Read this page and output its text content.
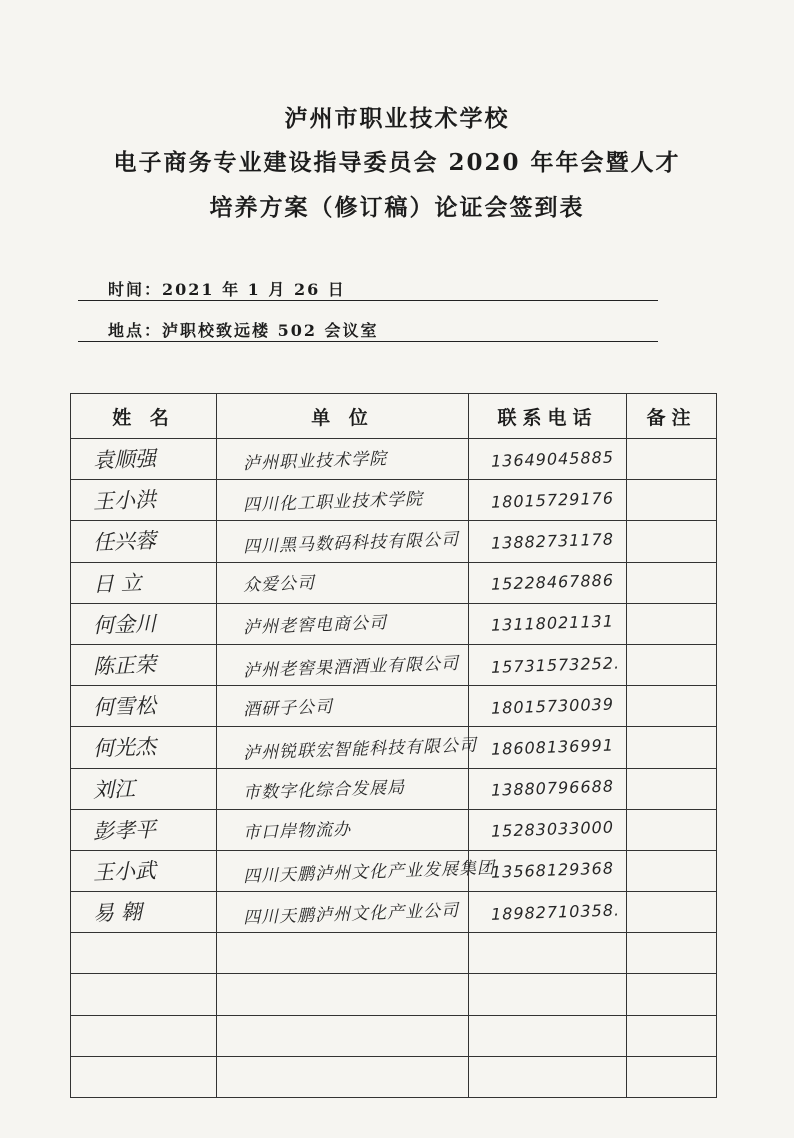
泸州市职业技术学校
电子商务专业建设指导委员会 2020 年年会暨人才
培养方案（修订稿）论证会签到表
时间：2021 年 1 月 26 日
地点：泸职校致远楼 502 会议室
姓 名	单 位	联系电话	备注
袁顺强	泸州职业技术学院	13649045885	
王小洪	四川化工职业技术学院	18015729176	
任兴蓉	四川黑马数码科技有限公司	13882731178	
日 立	众爱公司	15228467886	
何金川	泸州老窖电商公司	13118021131	
陈正荣	泸州老窖果酒酒业有限公司	15731573252.	
何雪松	酒研子公司	18015730039	
何光杰	泸州锐联宏智能科技有限公司	18608136991	
刘江	市数字化综合发展局	13880796688	
彭孝平	市口岸物流办	15283033000	
王小武	四川天鹏泸州文化产业发展集团	13568129368	
易 翱	四川天鹏泸州文化产业公司	18982710358.	
